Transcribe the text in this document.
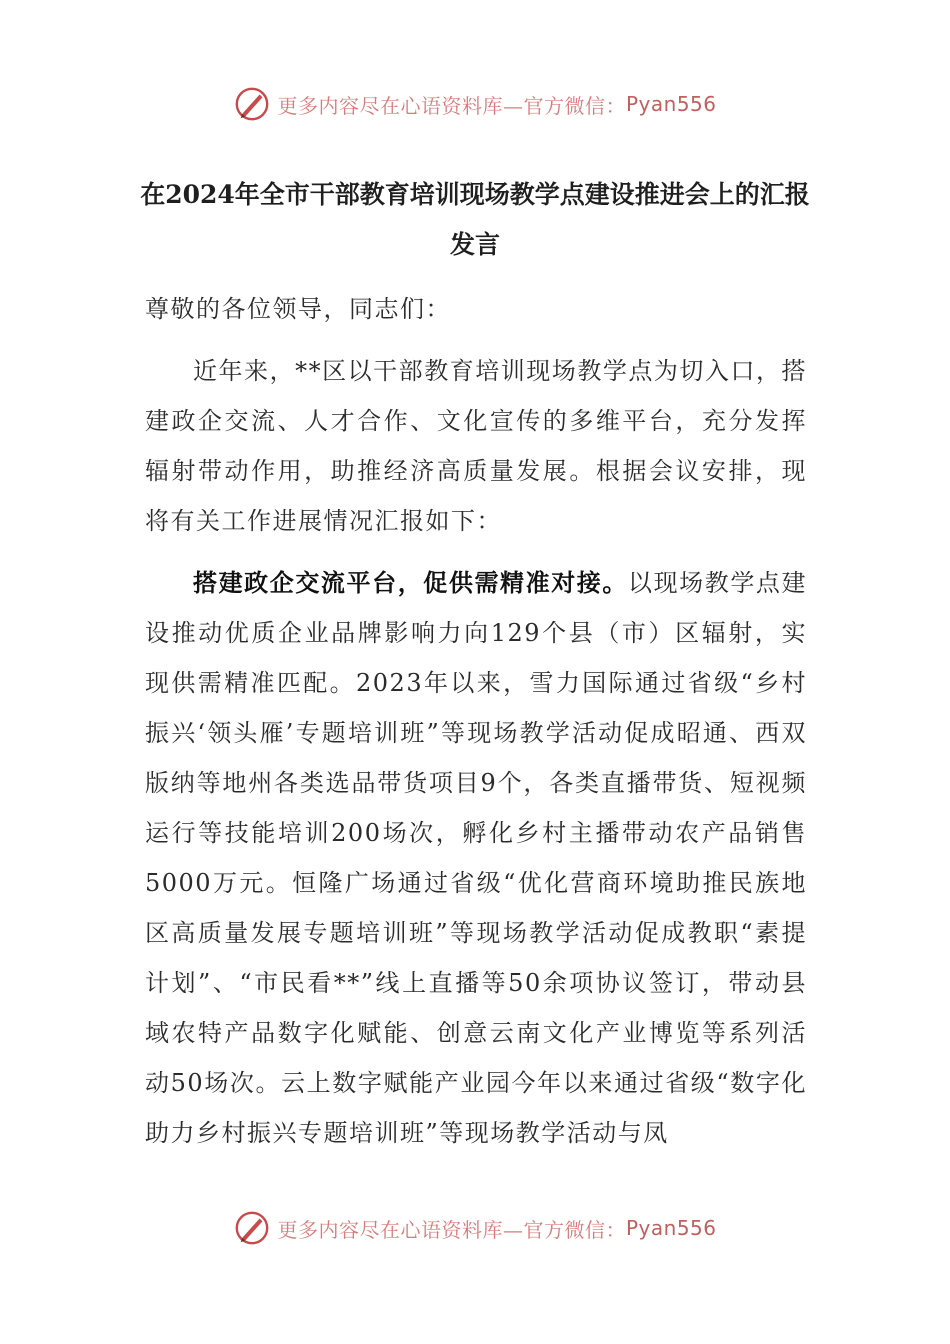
更多内容尽在心语资料库—官方微信： Pyan556
在2024年全市干部教育培训现场教学点建设推进会上的汇报发言

尊敬的各位领导，同志们：

近年来，**区以干部教育培训现场教学点为切入口，搭建政企交流、人才合作、文化宣传的多维平台，充分发挥辐射带动作用，助推经济高质量发展。根据会议安排，现将有关工作进展情况汇报如下：

搭建政企交流平台，促供需精准对接。以现场教学点建设推动优质企业品牌影响力向129个县（市）区辐射，实现供需精准匹配。2023年以来，雪力国际通过省级“乡村振兴‘领头雁’专题培训班”等现场教学活动促成昭通、西双版纳等地州各类选品带货项目9个，各类直播带货、短视频运行等技能培训200场次，孵化乡村主播带动农产品销售5000万元。恒隆广场通过省级“优化营商环境助推民族地区高质量发展专题培训班”等现场教学活动促成教职“素提计划”、“市民看**”线上直播等50余项协议签订，带动县域农特产品数字化赋能、创意云南文化产业博览等系列活动50场次。云上数字赋能产业园今年以来通过省级“数字化助力乡村振兴专题培训班”等现场教学活动与凤

更多内容尽在心语资料库—官方微信： Pyan556
